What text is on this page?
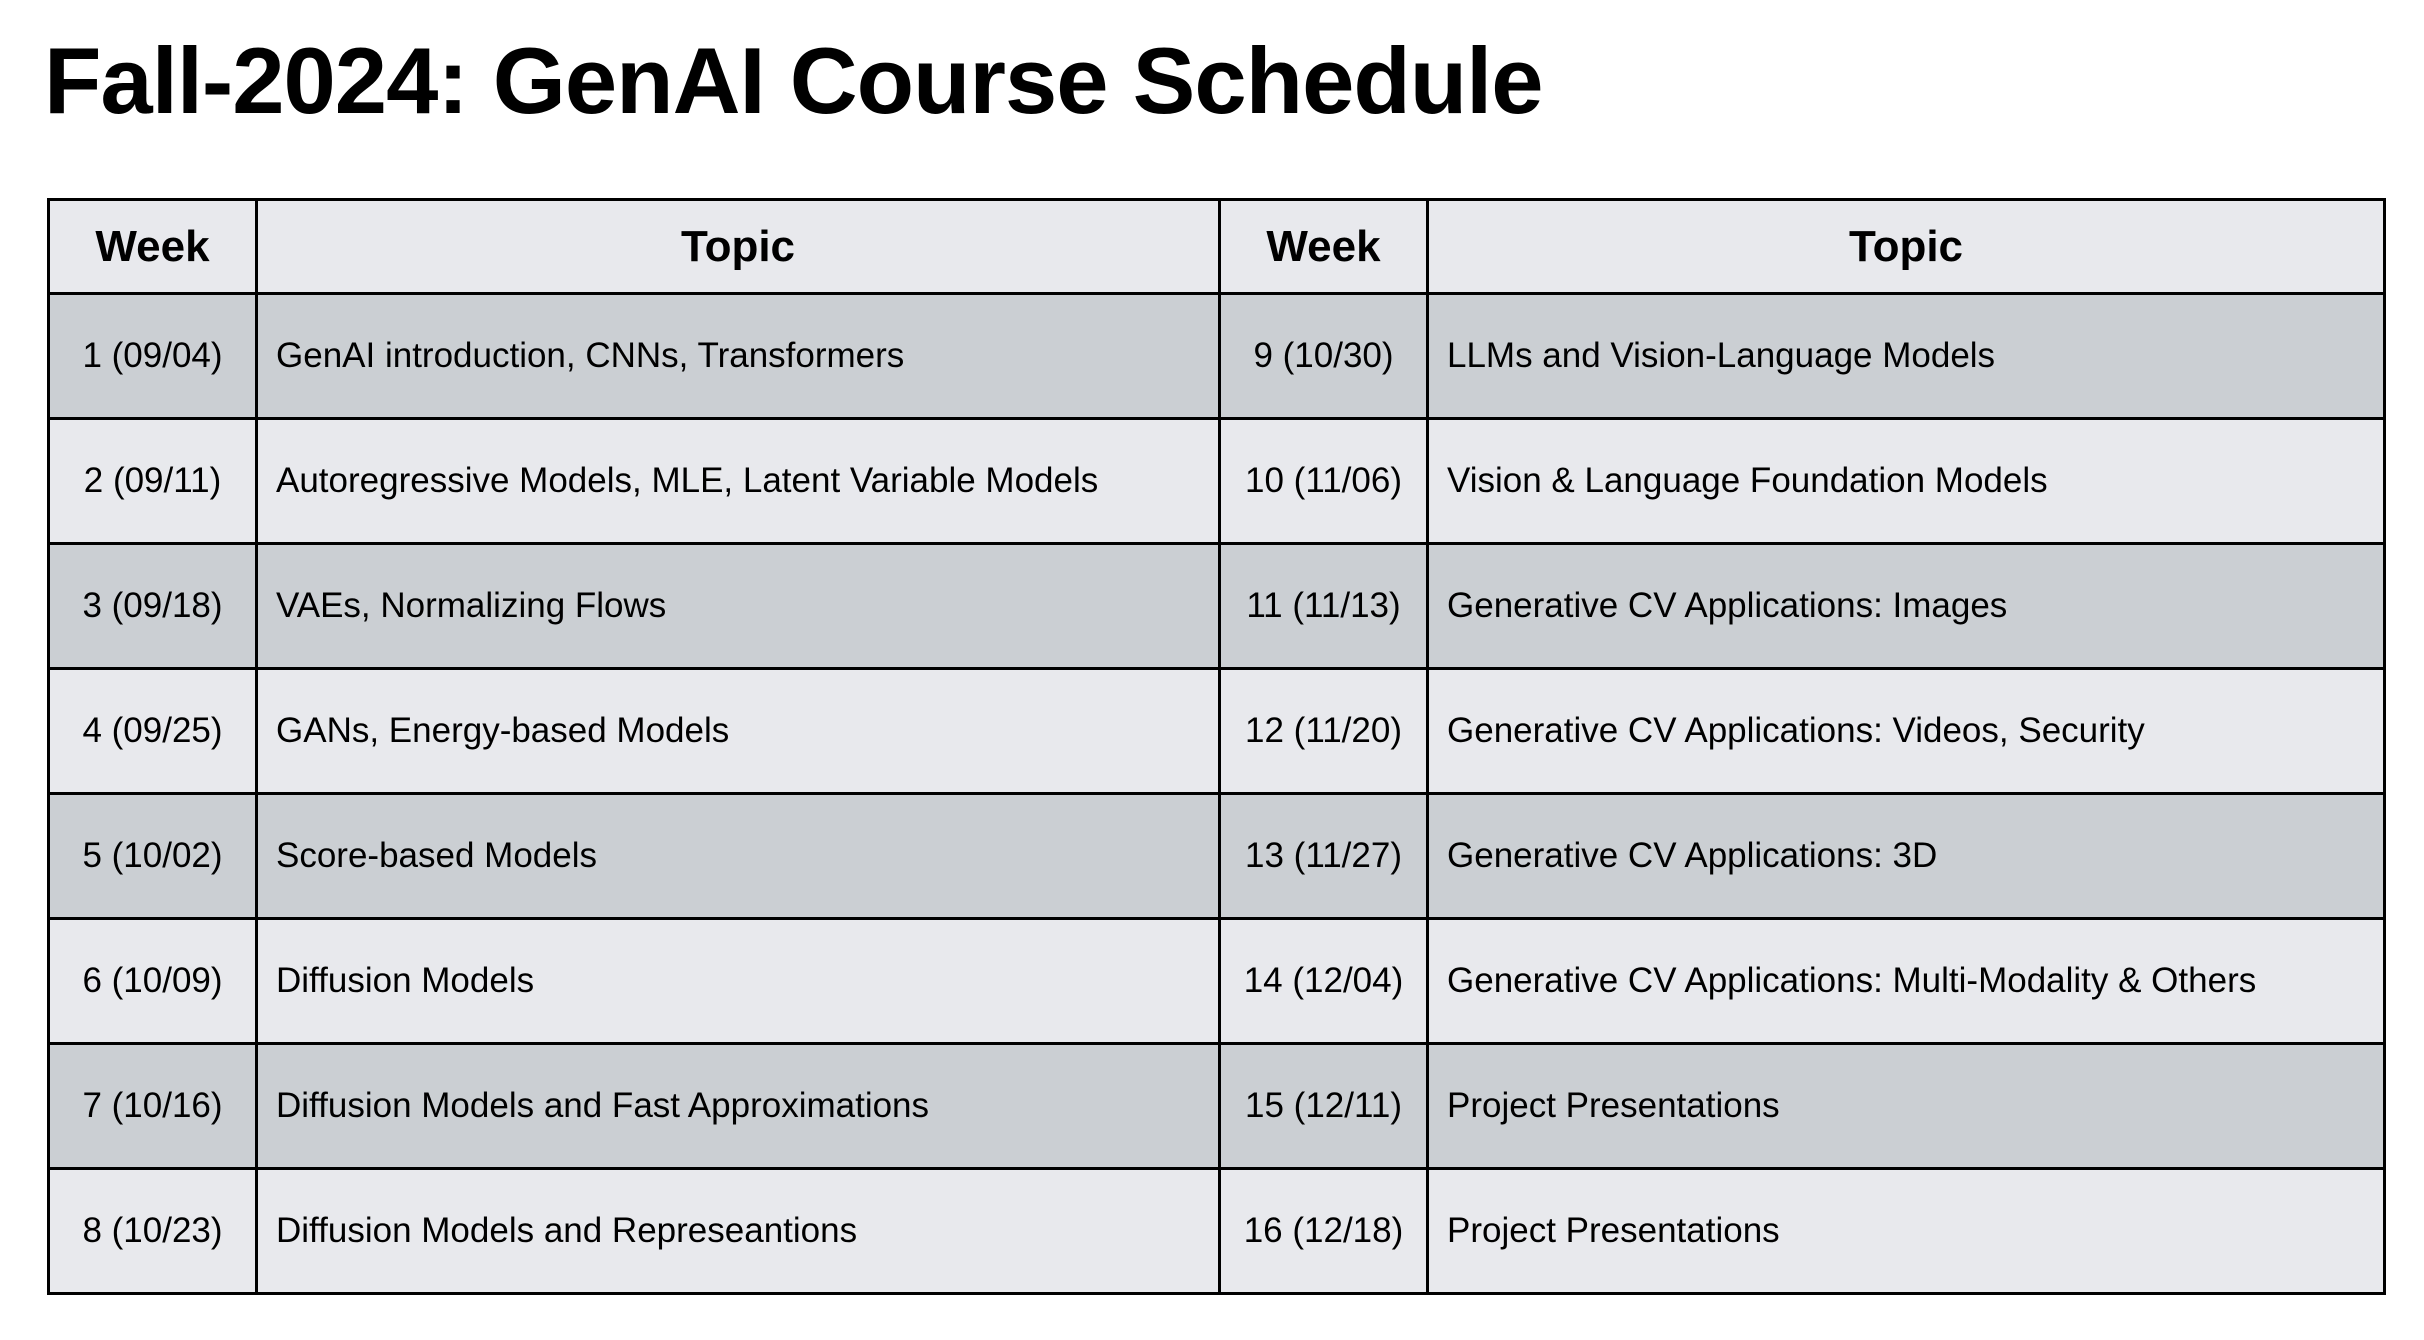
Fall-2024: GenAI Course Schedule
Week	Topic	Week	Topic
1 (09/04)	GenAI introduction, CNNs, Transformers	9 (10/30)	LLMs and Vision-Language Models
2 (09/11)	Autoregressive Models, MLE, Latent Variable Models	10 (11/06)	Vision & Language Foundation Models
3 (09/18)	VAEs, Normalizing Flows	11 (11/13)	Generative CV Applications: Images
4 (09/25)	GANs, Energy-based Models	12 (11/20)	Generative CV Applications: Videos, Security
5 (10/02)	Score-based Models	13 (11/27)	Generative CV Applications: 3D
6 (10/09)	Diffusion Models	14 (12/04)	Generative CV Applications: Multi-Modality & Others
7 (10/16)	Diffusion Models and Fast Approximations	15 (12/11)	Project Presentations
8 (10/23)	Diffusion Models and Represeantions	16 (12/18)	Project Presentations
